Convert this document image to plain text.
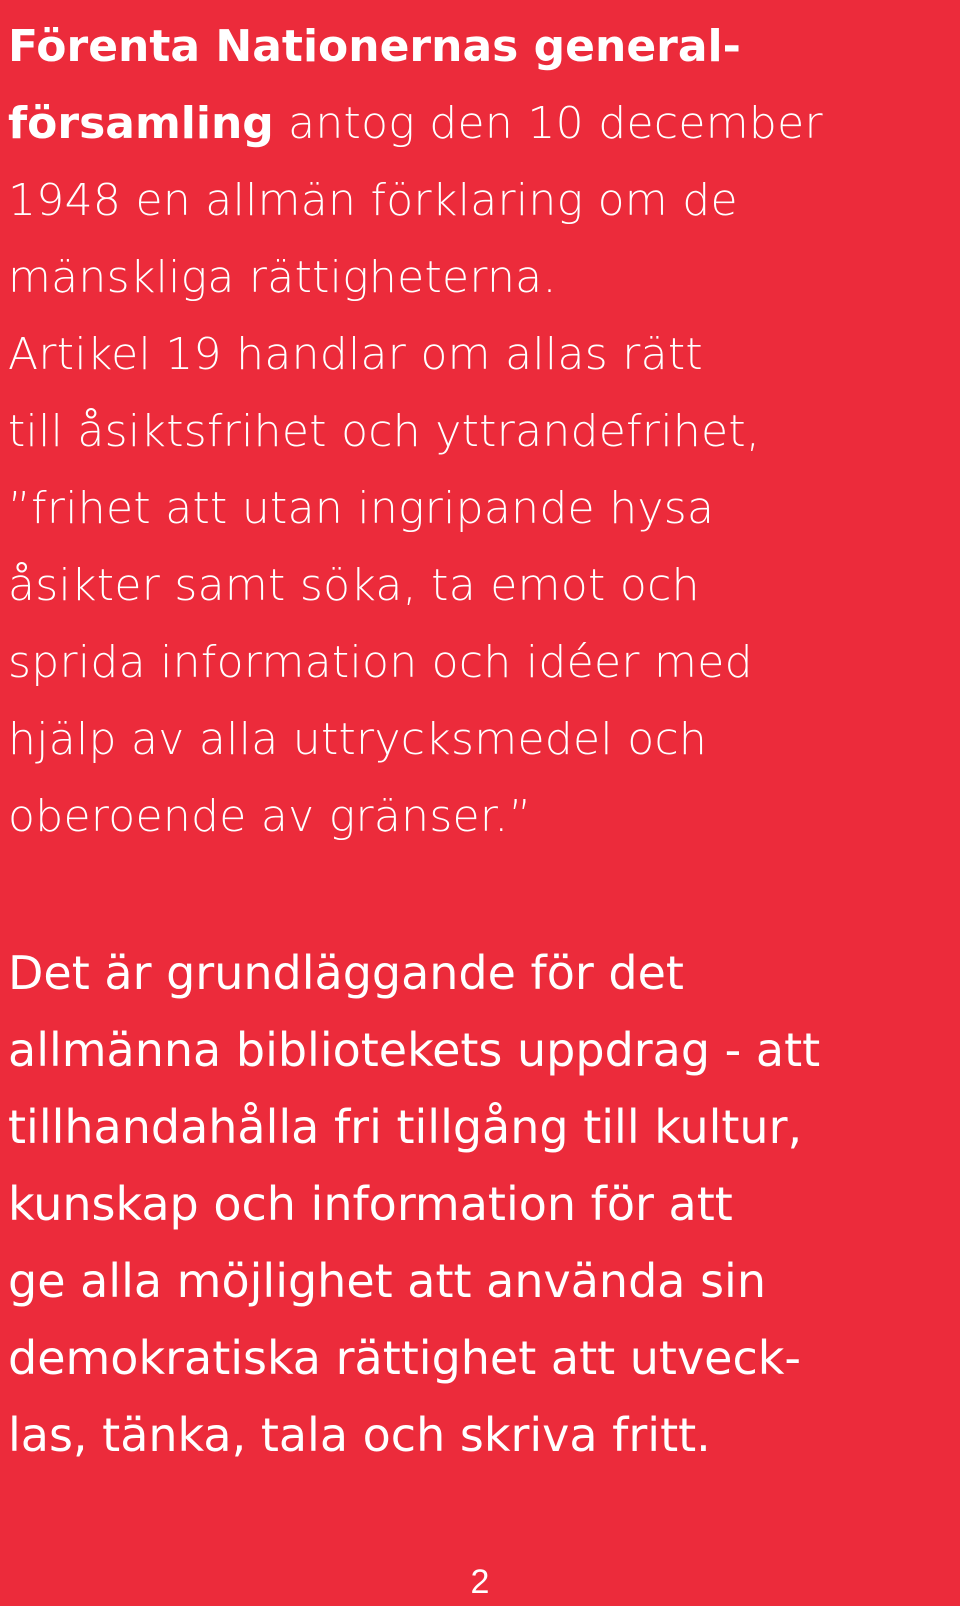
Förenta Nationernas general-
församling antog den 10 december
1948 en allmän förklaring om de
mänskliga rättigheterna.
Artikel 19 handlar om allas rätt
till åsiktsfrihet och yttrandefrihet,
”frihet att utan ingripande hysa
åsikter samt söka, ta emot och
sprida information och idéer med
hjälp av alla uttrycksmedel och
oberoende av gränser.”

Det är grundläggande för det
allmänna bibliotekets uppdrag - att
tillhandahålla fri tillgång till kultur,
kunskap och information för att
ge alla möjlighet att använda sin
demokratiska rättighet att utveck-
las, tänka, tala och skriva fritt.

2
